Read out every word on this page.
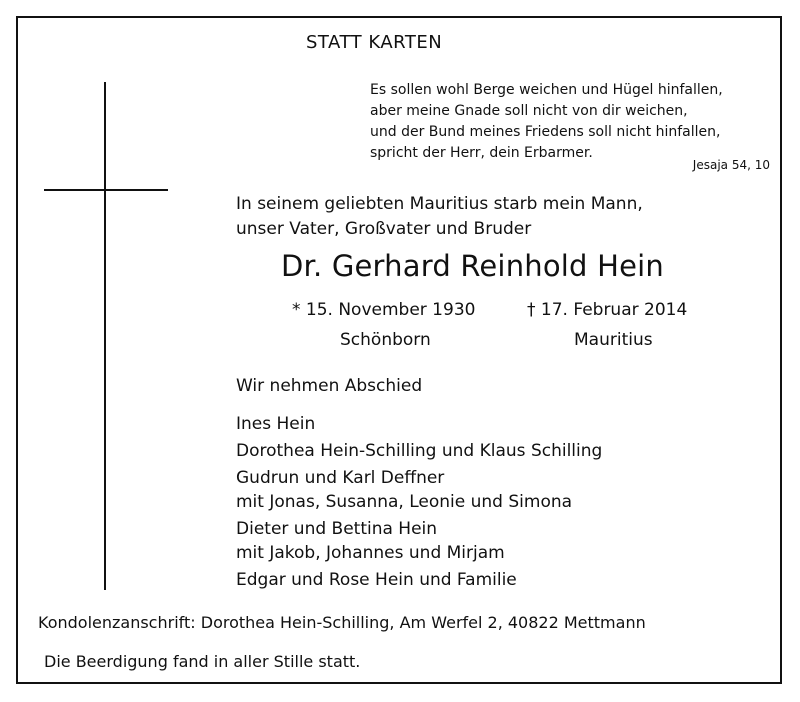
STATT KARTEN
Es sollen wohl Berge weichen und Hügel hinfallen,
aber meine Gnade soll nicht von dir weichen,
und der Bund meines Friedens soll nicht hinfallen,
spricht der Herr, dein Erbarmer.
Jesaja 54, 10
In seinem geliebten Mauritius starb mein Mann,
unser Vater, Großvater und Bruder
Dr. Gerhard Reinhold Hein
* 15. November 1930
Schönborn
† 17. Februar 2014
Mauritius
Wir nehmen Abschied
Ines Hein
Dorothea Hein-Schilling und Klaus Schilling
Gudrun und Karl Deffner
mit Jonas, Susanna, Leonie und Simona
Dieter und Bettina Hein
mit Jakob, Johannes und Mirjam
Edgar und Rose Hein und Familie
Kondolenzanschrift: Dorothea Hein-Schilling, Am Werfel 2, 40822 Mettmann
Die Beerdigung fand in aller Stille statt.
